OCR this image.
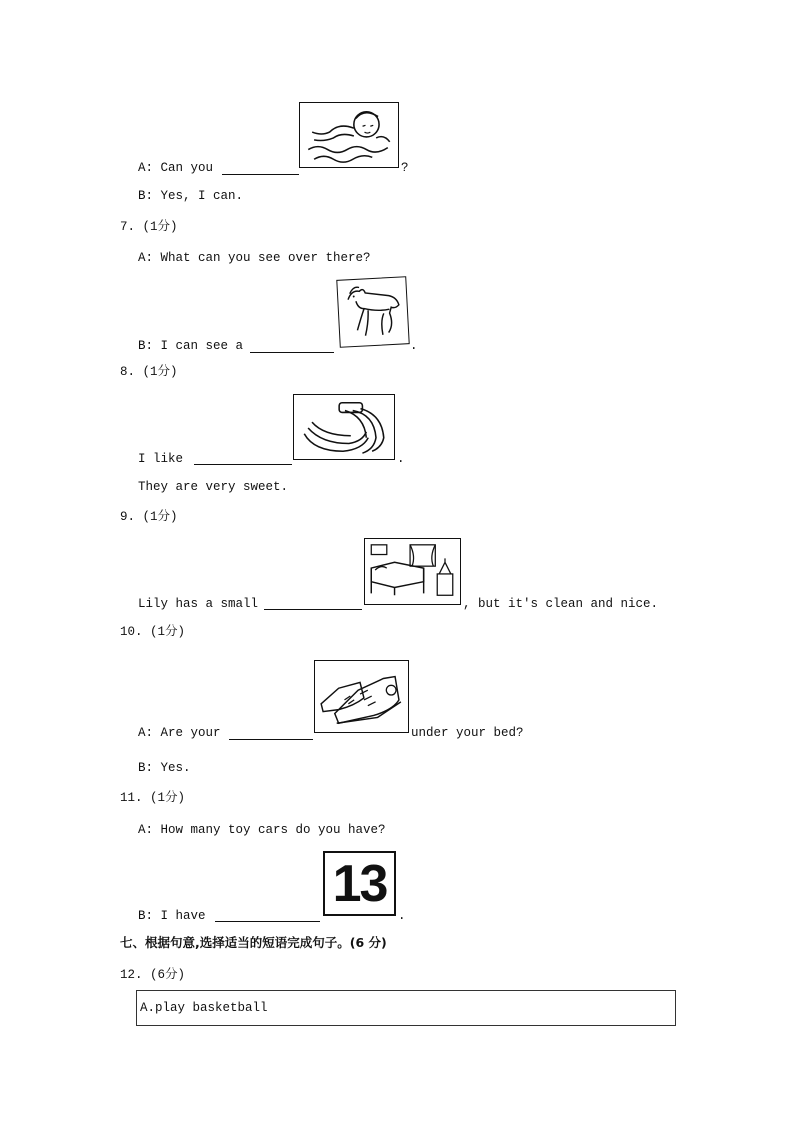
A: Can you	?
B: Yes, I can.
7. (1分)
A: What can you see over there?
B: I can see a	.
8. (1分)
I like	.
They are very sweet.
9. (1分)
Lily has a small	, but it's clean and nice.
10. (1分)
A: Are your	under your bed?
B: Yes.
11. (1分)
A: How many toy cars do you have?
13
B: I have	.
七、根据句意,选择适当的短语完成句子。(6 分)
12. (6分)
A.play basketball
